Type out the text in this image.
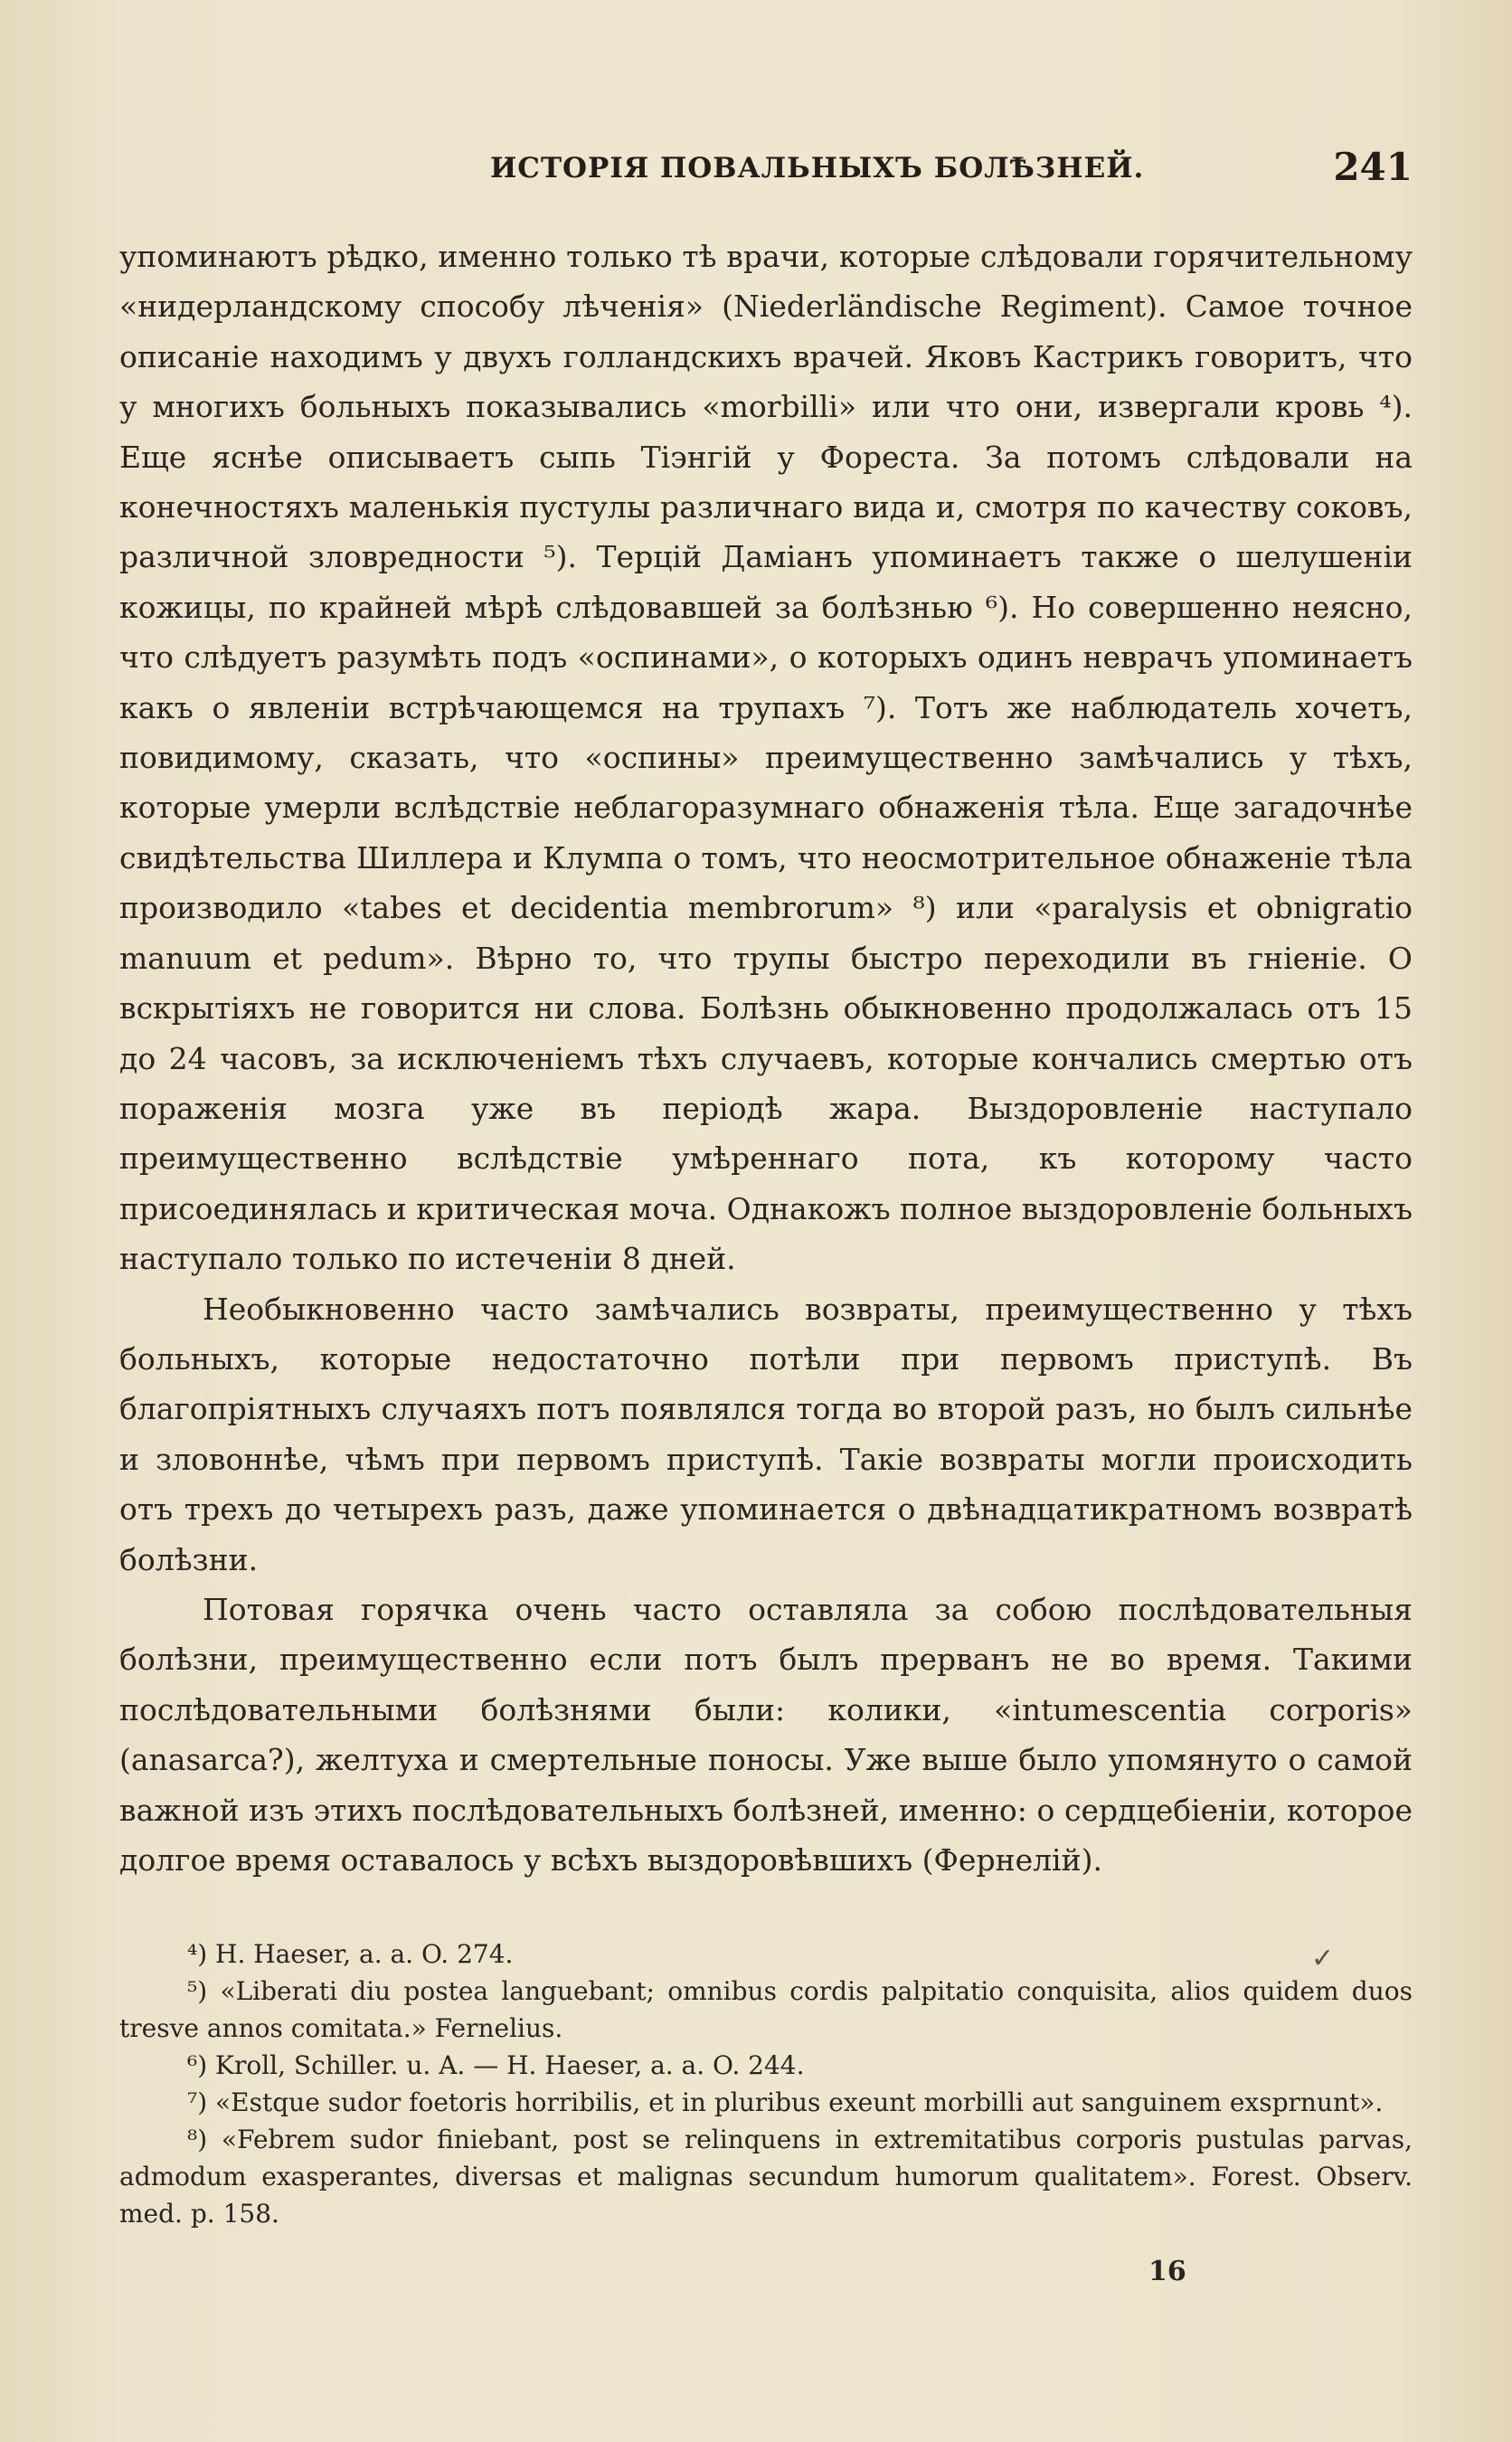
ИСТОРІЯ ПОВАЛЬНЫХЪ БОЛѢЗНЕЙ.	241

упоминаютъ рѣдко, именно только тѣ врачи, которые слѣдовали горячительному «нидерландскому способу лѣченія» (Niederländische Regiment). Самое точное описаніе находимъ у двухъ голландскихъ врачей. Яковъ Кастрикъ говоритъ, что у многихъ больныхъ показывались «morbilli» или что они, извергали кровь ⁴). Еще яснѣе описываетъ сыпь Тіэнгій у Фореста. За потомъ слѣдовали на конечностяхъ маленькія пустулы различнаго вида и, смотря по качеству соковъ, различной зловредности ⁵). Терцій Даміанъ упоминаетъ также о шелушеніи кожицы, по крайней мѣрѣ слѣдовавшей за болѣзнью ⁶). Но совершенно неясно, что слѣдуетъ разумѣть подъ «оспинами», о которыхъ одинъ неврачъ упоминаетъ какъ о явленіи встрѣчающемся на трупахъ ⁷). Тотъ же наблюдатель хочетъ, повидимому, сказать, что «оспины» преимущественно замѣчались у тѣхъ, которые умерли вслѣдствіе неблагоразумнаго обнаженія тѣла. Еще загадочнѣе свидѣтельства Шиллера и Клумпа о томъ, что неосмотрительное обнаженіе тѣла производило «tabes et decidentia membrorum» ⁸) или «paralysis et obnigratio manuum et pedum». Вѣрно то, что трупы быстро переходили въ гніеніе. О вскрытіяхъ не говорится ни слова. Болѣзнь обыкновенно продолжалась отъ 15 до 24 часовъ, за исключеніемъ тѣхъ случаевъ, которые кончались смертью отъ пораженія мозга уже въ періодѣ жара. Выздоровленіе наступало преимущественно вслѣдствіе умѣреннаго пота, къ которому часто присоединялась и критическая моча. Однакожъ полное выздоровленіе больныхъ наступало только по истеченіи 8 дней.

Необыкновенно часто замѣчались возвраты, преимущественно у тѣхъ больныхъ, которые недостаточно потѣли при первомъ приступѣ. Въ благопріятныхъ случаяхъ потъ появлялся тогда во второй разъ, но былъ сильнѣе и зловоннѣе, чѣмъ при первомъ приступѣ. Такіе возвраты могли происходить отъ трехъ до четырехъ разъ, даже упоминается о двѣнадцатикратномъ возвратѣ болѣзни.

Потовая горячка очень часто оставляла за собою послѣдовательныя болѣзни, преимущественно если потъ былъ прерванъ не во время. Такими послѣдовательными болѣзнями были: колики, «intumescentia corporis» (anasarca?), желтуха и смертельные поносы. Уже выше было упомянуто о самой важной изъ этихъ послѣдовательныхъ болѣзней, именно: о сердцебіеніи, которое долгое время оставалось у всѣхъ выздоровѣвшихъ (Фернелій).

✓

⁴) H. Haeser, a. a. O. 274.

⁵) «Liberati diu postea languebant; omnibus cordis palpitatio conquisita, alios quidem duos tresve annos comitata.» Fernelius.

⁶) Kroll, Schiller. u. A. — H. Haeser, a. a. O. 244.

⁷) «Estque sudor foetoris horribilis, et in pluribus exeunt morbilli aut sanguinem exsprnunt».

⁸) «Febrem sudor finiebant, post se relinquens in extremitatibus corporis pustulas parvas, admodum exasperantes, diversas et malignas secundum humorum qualitatem». Forest. Observ. med. p. 158.

16
